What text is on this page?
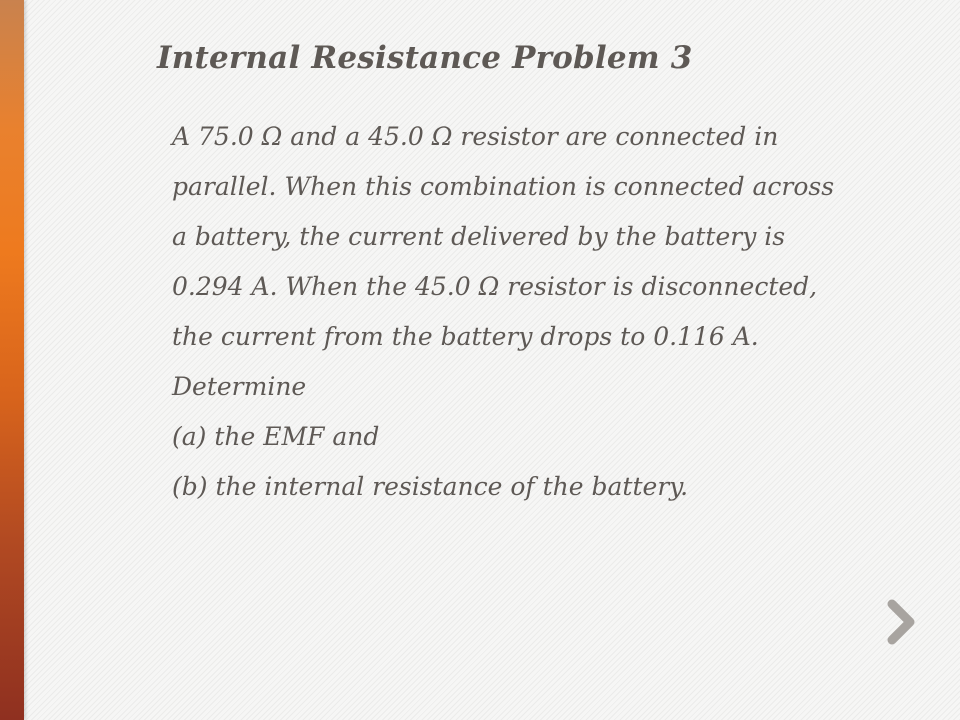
Internal Resistance Problem 3
A 75.0 Ω and a 45.0 Ω resistor are connected in
parallel. When this combination is connected across
a battery, the current delivered by the battery is
0.294 A. When the 45.0 Ω resistor is disconnected,
the current from the battery drops to 0.116 A.
Determine
(a) the EMF and
(b) the internal resistance of the battery.
